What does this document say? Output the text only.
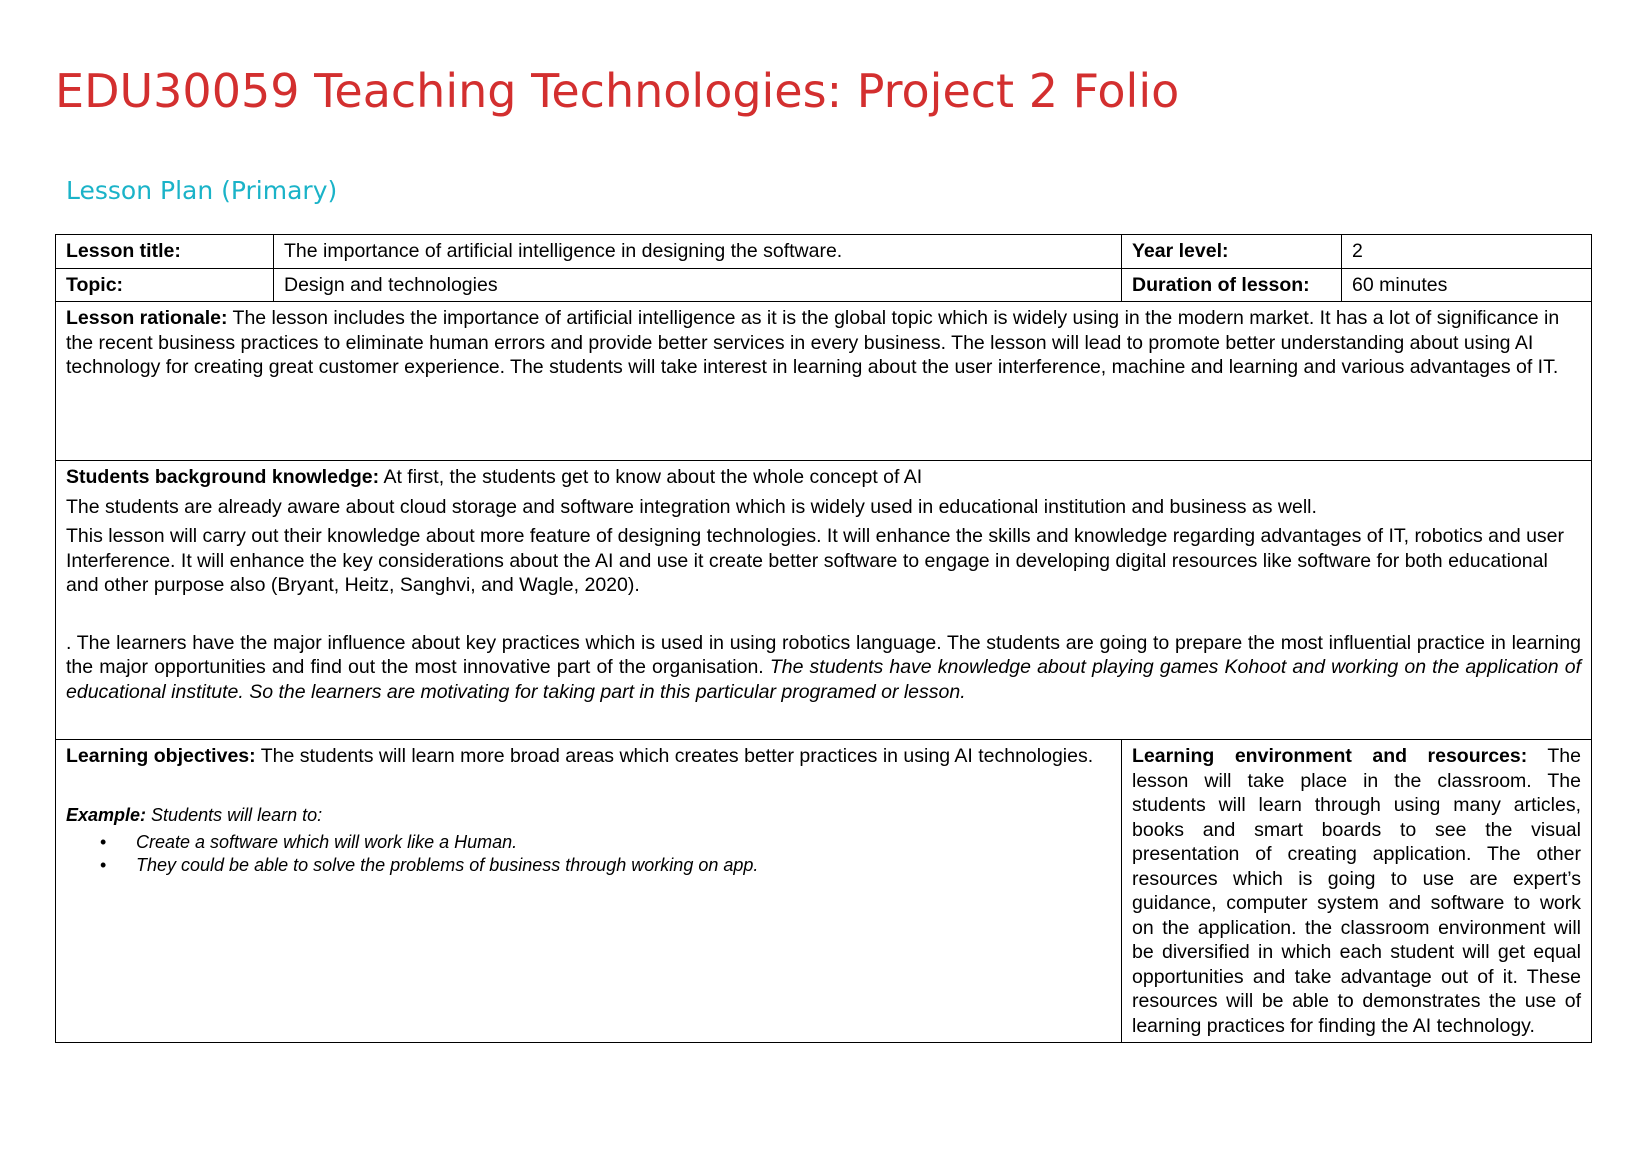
EDU30059 Teaching Technologies: Project 2 Folio
Lesson Plan (Primary)
Lesson title:	The importance of artificial intelligence in designing the software.	Year level:	2
Topic:	Design and technologies	Duration of lesson:	60 minutes

Lesson rationale: The lesson includes the importance of artificial intelligence as it is the global topic which is widely using in the modern market. It has a lot of significance in the recent business practices to eliminate human errors and provide better services in every business. The lesson will lead to promote better understanding about using AI technology for creating great customer experience. The students will take interest in learning about the user interference, machine and learning and various advantages of IT.			

Students background knowledge: At first, the students get to know about the whole concept of AI

The students are already aware about cloud storage and software integration which is widely used in educational institution and business as well.

This lesson will carry out their knowledge about more feature of designing technologies. It will enhance the skills and knowledge regarding advantages of IT, robotics and user Interference. It will enhance the key considerations about the AI and use it create better software to engage in developing digital resources like software for both educational and other purpose also (Bryant, Heitz, Sanghvi, and Wagle, 2020).

. The learners have the major influence about key practices which is used in using robotics language. The students are going to prepare the most influential practice in learning the major opportunities and find out the most innovative part of the organisation. The students have knowledge about playing games Kohoot and working on the application of educational institute. So the learners are motivating for taking part in this particular programed or lesson.			

Learning objectives: The students will learn more broad areas which creates better practices in using AI technologies.

Example: Students will learn to:

• Create a software which will work like a Human.
• They could be able to solve the problems of business through working on app.

Learning environment and resources: The lesson will take place in the classroom. The students will learn through using many articles, books and smart boards to see the visual presentation of creating application. The other resources which is going to use are expert’s guidance, computer system and software to work on the application. the classroom environment will be diversified in which each student will get equal opportunities and take advantage out of it. These resources will be able to demonstrates the use of learning practices for finding the AI technology.
